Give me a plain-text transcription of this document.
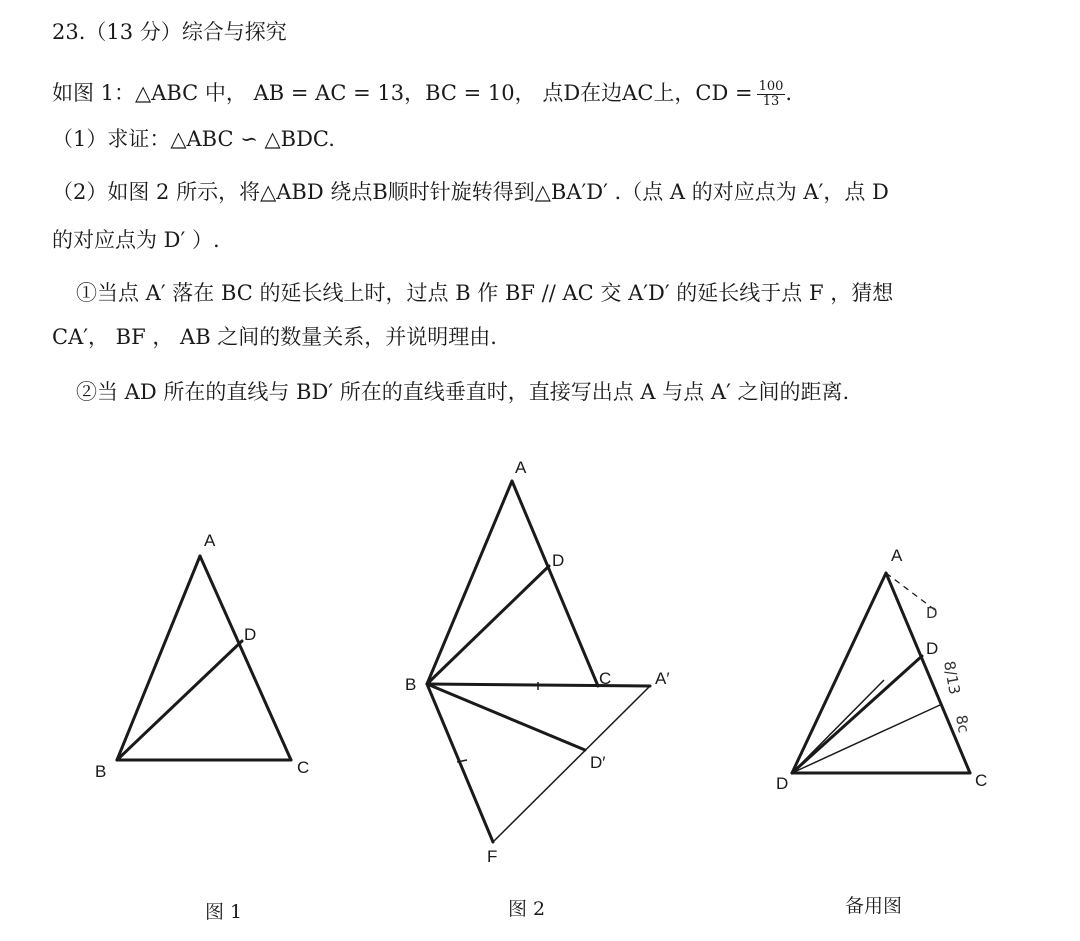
23.（13 分）综合与探究
如图 1：△ABC 中， AB = AC = 13，BC = 10， 点D在边AC上，CD = $\frac{100}{13}$ .
（1）求证：△ABC ∽ △BDC.
（2）如图 2 所示，将△ABD 绕点B顺时针旋转得到△BA′D′ .（点 A 的对应点为 A′，点 D
的对应点为 D′ ）.
①当点 A′ 落在 BC 的延长线上时，过点 B 作 BF // AC 交 A′D′ 的延长线于点 F ，猜想
CA′， BF ， AB 之间的数量关系，并说明理由.
②当 AD 所在的直线与 BD′ 所在的直线垂直时，直接写出点 A 与点 A′ 之间的距离.
A
D
B	C
图 1
A
D
B	C	A′
D′
F
图 2
D
8/13
8c
A
D
D	C
备用图
